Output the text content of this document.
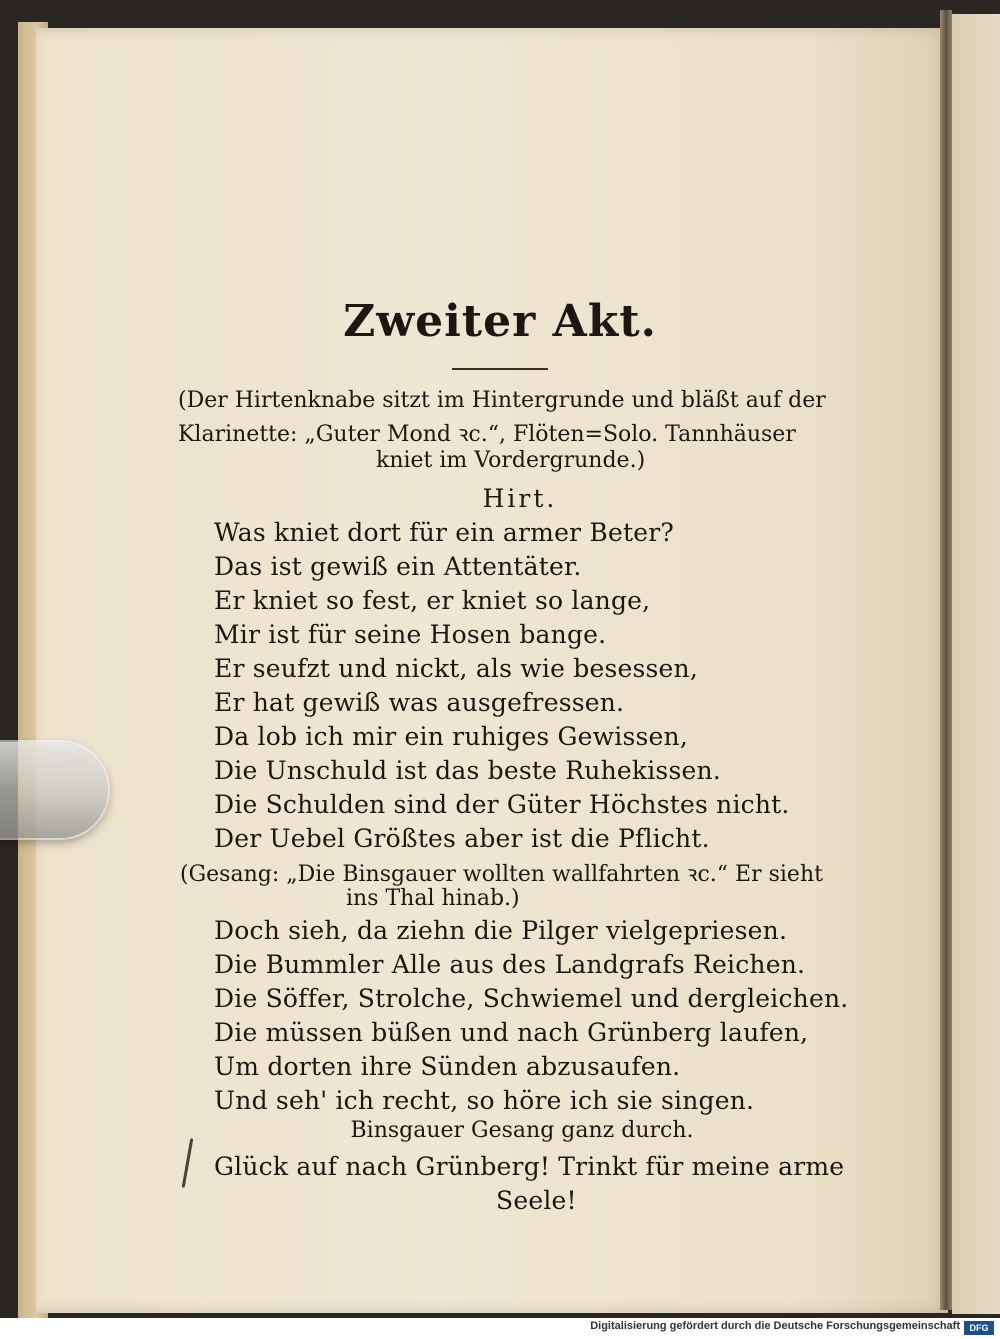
Zweiter Akt.
(Der Hirtenknabe sitzt im Hintergrunde und bläßt auf der
Klarinette: „Guter Mond ꝛc.“, Flöten=Solo. Tannhäuser
kniet im Vordergrunde.)
Hirt.
Was kniet dort für ein armer Beter?
Das ist gewiß ein Attentäter.
Er kniet so fest, er kniet so lange,
Mir ist für seine Hosen bange.
Er seufzt und nickt, als wie besessen,
Er hat gewiß was ausgefressen.
Da lob ich mir ein ruhiges Gewissen,
Die Unschuld ist das beste Ruhekissen.
Die Schulden sind der Güter Höchstes nicht.
Der Uebel Größtes aber ist die Pflicht.
(Gesang: „Die Binsgauer wollten wallfahrten ꝛc.“ Er sieht
ins Thal hinab.)
Doch sieh, da ziehn die Pilger vielgepriesen.
Die Bummler Alle aus des Landgrafs Reichen.
Die Söffer, Strolche, Schwiemel und dergleichen.
Die müssen büßen und nach Grünberg laufen,
Um dorten ihre Sünden abzusaufen.
Und seh' ich recht, so höre ich sie singen.
Binsgauer Gesang ganz durch.
Glück auf nach Grünberg! Trinkt für meine arme
Seele!
Digitalisierung gefördert durch die Deutsche Forschungsgemeinschaft	DFG
